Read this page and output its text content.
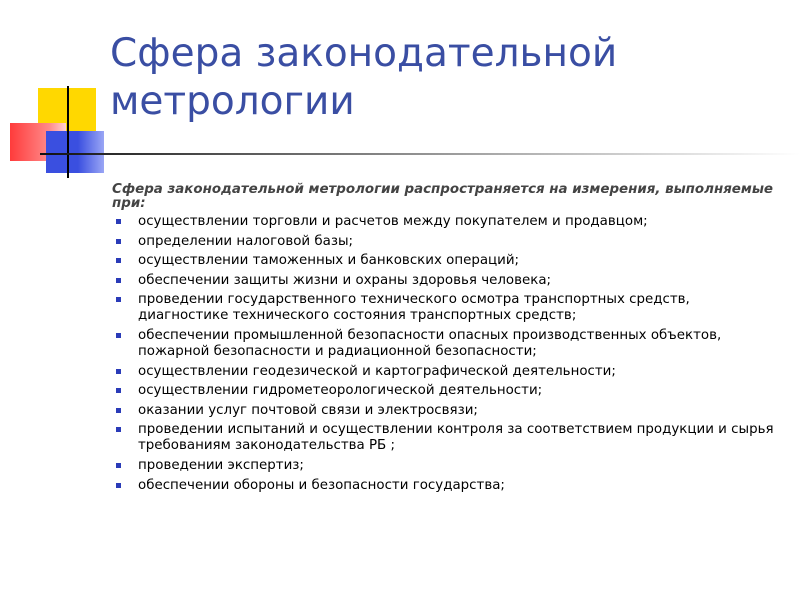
Сфера законодательной метрологии

Сфера законодательной метрологии распространяется на измерения, выполняемые при:

осуществлении торговли и расчетов между покупателем и продавцом;
определении налоговой базы;
осуществлении таможенных и банковских операций;
обеспечении защиты жизни и охраны здоровья человека;
проведении государственного технического осмотра транспортных средств, диагностике технического состояния транспортных средств;
обеспечении промышленной безопасности опасных производственных объектов, пожарной безопасности и радиационной безопасности;
осуществлении геодезической и картографической деятельности;
осуществлении гидрометеорологической деятельности;
оказании услуг почтовой связи и электросвязи;
проведении испытаний и осуществлении контроля за соответствием продукции и сырья требованиям законодательства РБ ;
проведении экспертиз;
обеспечении обороны и безопасности государства;
